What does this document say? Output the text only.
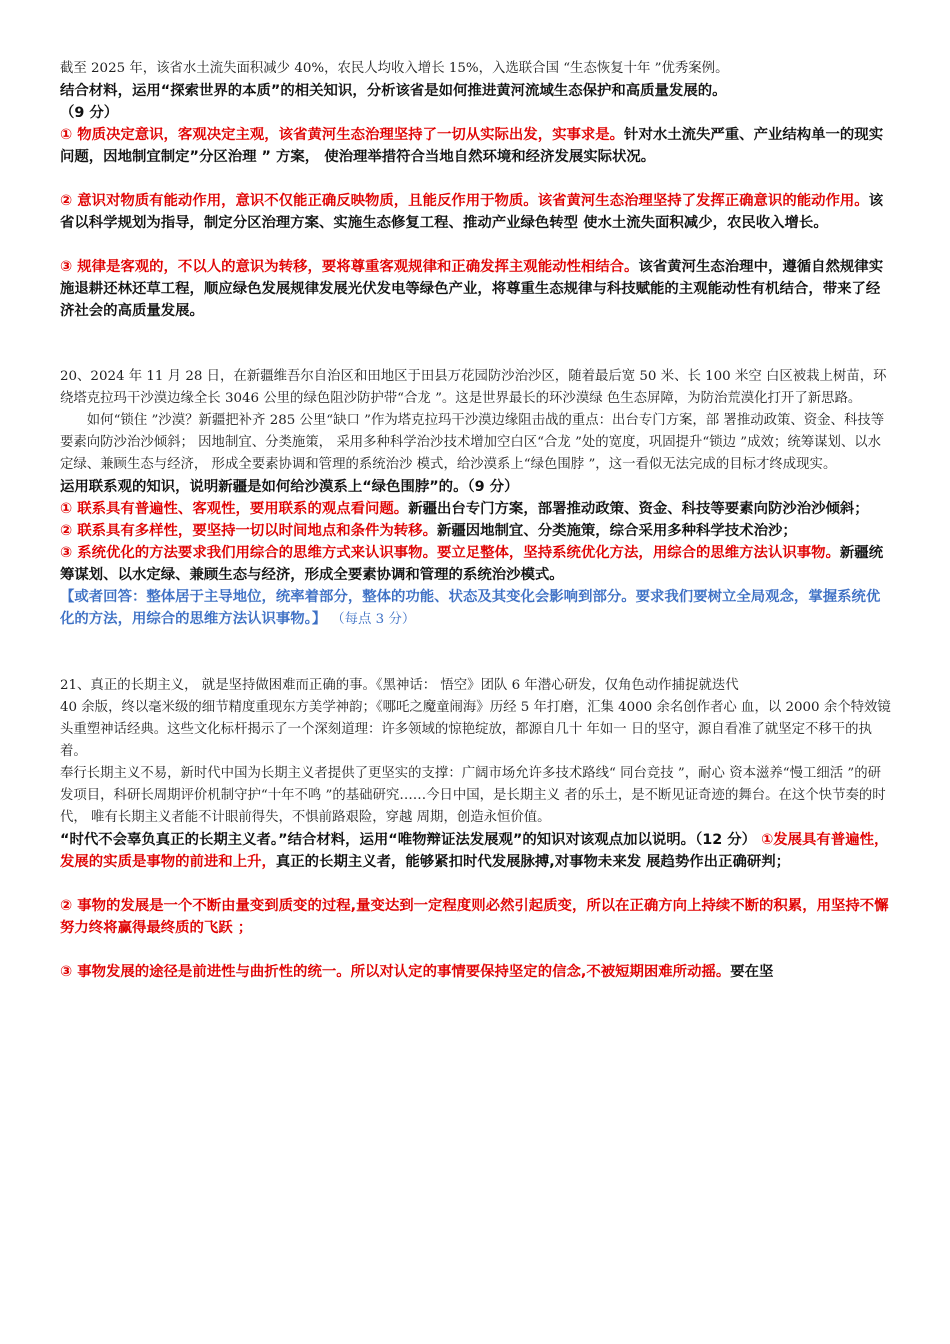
截至 2025 年，该省水土流失面积减少 40%，农民人均收入增长 15%，入选联合国 “生态恢复十年 ”优秀案例。

结合材料，运用“探索世界的本质”的相关知识，分析该省是如何推进黄河流域生态保护和高质量发展的。
（9 分）

① 物质决定意识，客观决定主观，该省黄河生态治理坚持了一切从实际出发，实事求是。针对水土流失严重、产业结构单一的现实问题，因地制宜制定”分区治理 ” 方案， 使治理举措符合当地自然环境和经济发展实际状况。

② 意识对物质有能动作用，意识不仅能正确反映物质，且能反作用于物质。该省黄河生态治理坚持了发挥正确意识的能动作用。该省以科学规划为指导，制定分区治理方案、实施生态修复工程、推动产业绿色转型 使水土流失面积减少，农民收入增长。

③ 规律是客观的，不以人的意识为转移，要将尊重客观规律和正确发挥主观能动性相结合。该省黄河生态治理中，遵循自然规律实施退耕还林还草工程，顺应绿色发展规律发展光伏发电等绿色产业，将尊重生态规律与科技赋能的主观能动性有机结合，带来了经济社会的高质量发展。

20、2024 年 11 月 28 日，在新疆维吾尔自治区和田地区于田县万花园防沙治沙区，随着最后宽 50 米、长 100 米空 白区被栽上树苗，环绕塔克拉玛干沙漠边缘全长 3046 公里的绿色阻沙防护带“合龙 ”。这是世界最长的环沙漠绿 色生态屏障，为防治荒漠化打开了新思路。

如何“锁住 ”沙漠？新疆把补齐 285 公里“缺口 ”作为塔克拉玛干沙漠边缘阻击战的重点：出台专门方案，部 署推动政策、资金、科技等要素向防沙治沙倾斜； 因地制宜、分类施策， 采用多种科学治沙技术增加空白区“合龙 ”处的宽度，巩固提升“锁边 ”成效；统筹谋划、以水定绿、兼顾生态与经济， 形成全要素协调和管理的系统治沙 模式，给沙漠系上“绿色围脖 ”，这一看似无法完成的目标才终成现实。

运用联系观的知识，说明新疆是如何给沙漠系上“绿色围脖”的。（9 分）

① 联系具有普遍性、客观性，要用联系的观点看问题。新疆出台专门方案，部署推动政策、资金、科技等要素向防沙治沙倾斜；

② 联系具有多样性，要坚持一切以时间地点和条件为转移。新疆因地制宜、分类施策，综合采用多种科学技术治沙；

③ 系统优化的方法要求我们用综合的思维方式来认识事物。要立足整体，坚持系统优化方法，用综合的思维方法认识事物。新疆统筹谋划、以水定绿、兼顾生态与经济，形成全要素协调和管理的系统治沙模式。

【或者回答：整体居于主导地位，统率着部分，整体的功能、状态及其变化会影响到部分。要求我们要树立全局观念，掌握系统优化的方法，用综合的思维方法认识事物。】 （每点 3 分）

21、真正的长期主义， 就是坚持做困难而正确的事。《黑神话： 悟空》团队 6 年潜心研发，仅角色动作捕捉就迭代

40 余版，终以毫米级的细节精度重现东方美学神韵；《哪吒之魔童闹海》历经 5 年打磨，汇集 4000 余名创作者心 血，以 2000 余个特效镜头重塑神话经典。这些文化标杆揭示了一个深刻道理：许多领域的惊艳绽放，都源自几十 年如一 日的坚守，源自看准了就坚定不移干的执着。

奉行长期主义不易，新时代中国为长期主义者提供了更坚实的支撑：广阔市场允许多技术路线“ 同台竞技 ”，耐心 资本滋养“慢工细活 ”的研发项目，科研长周期评价机制守护“十年不鸣 ”的基础研究……今日中国，是长期主义 者的乐土，是不断见证奇迹的舞台。在这个快节奏的时代， 唯有长期主义者能不计眼前得失，不惧前路艰险，穿越 周期，创造永恒价值。

“时代不会辜负真正的长期主义者。”结合材料，运用“唯物辩证法发展观”的知识对该观点加以说明。（12 分） ①发展具有普遍性，发展的实质是事物的前进和上升，真正的长期主义者，能够紧扣时代发展脉搏,对事物未来发 展趋势作出正确研判；

② 事物的发展是一个不断由量变到质变的过程,量变达到一定程度则必然引起质变，所以在正确方向上持续不断的积累，用坚持不懈努力终将赢得最终质的飞跃 ；

③ 事物发展的途径是前进性与曲折性的统一。所以对认定的事情要保持坚定的信念,不被短期困难所动摇。要在坚
